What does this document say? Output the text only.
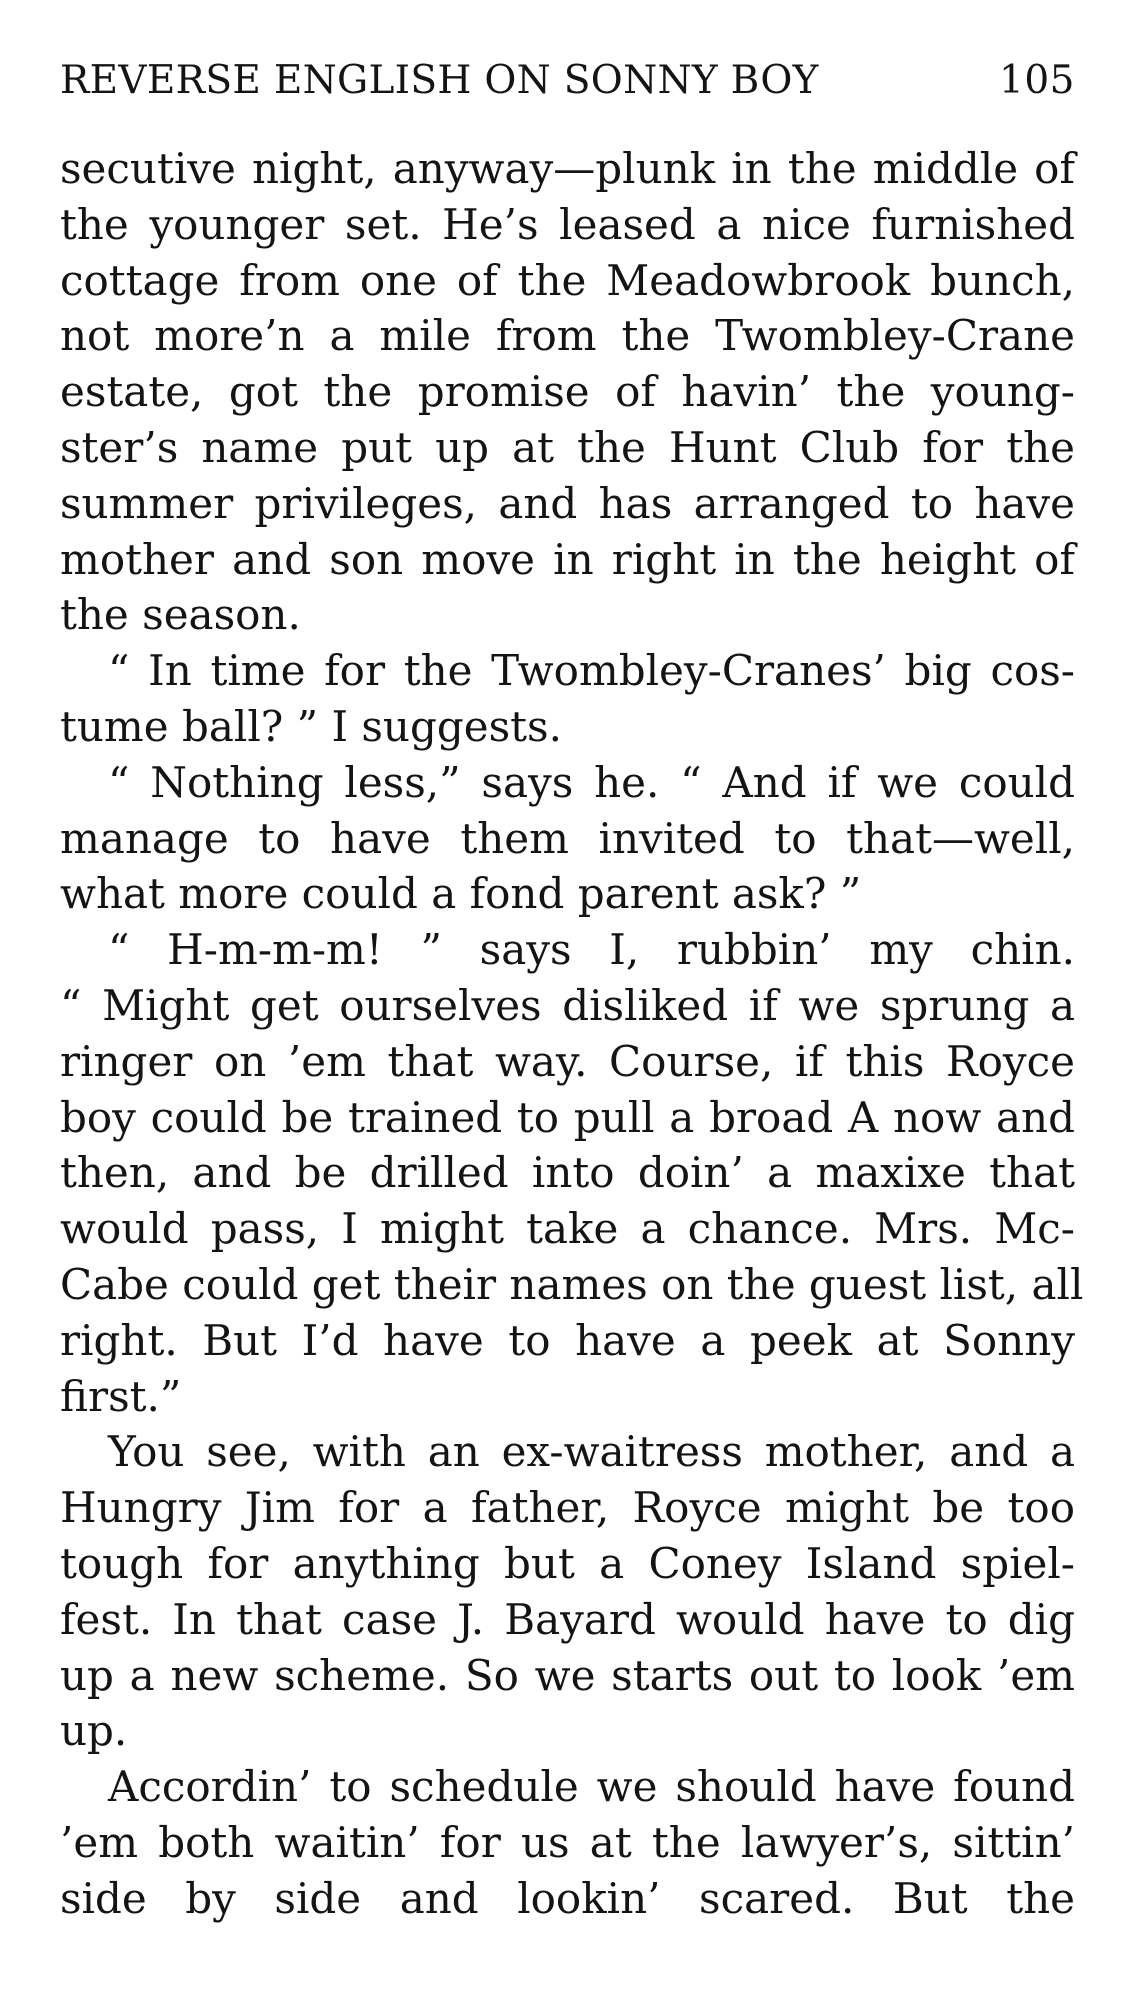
REVERSE ENGLISH ON SONNY BOY	105
secutive night, anyway—plunk in the middle of
the younger set. He’s leased a nice furnished
cottage from one of the Meadowbrook bunch,
not more’n a mile from the Twombley-Crane
estate, got the promise of havin’ the young-
ster’s name put up at the Hunt Club for the
summer privileges, and has arranged to have
mother and son move in right in the height of
the season.
“ In time for the Twombley-Cranes’ big cos-
tume ball? ” I suggests.
“ Nothing less,” says he. “ And if we could
manage to have them invited to that—well,
what more could a fond parent ask? ”
“ H-m-m-m! ” says I, rubbin’ my chin.
“ Might get ourselves disliked if we sprung a
ringer on ’em that way. Course, if this Royce
boy could be trained to pull a broad A now and
then, and be drilled into doin’ a maxixe that
would pass, I might take a chance. Mrs. Mc-
Cabe could get their names on the guest list, all
right. But I’d have to have a peek at Sonny
first.”
You see, with an ex-waitress mother, and a
Hungry Jim for a father, Royce might be too
tough for anything but a Coney Island spiel-
fest. In that case J. Bayard would have to dig
up a new scheme. So we starts out to look ’em
up.
Accordin’ to schedule we should have found
’em both waitin’ for us at the lawyer’s, sittin’
side by side and lookin’ scared. But the
